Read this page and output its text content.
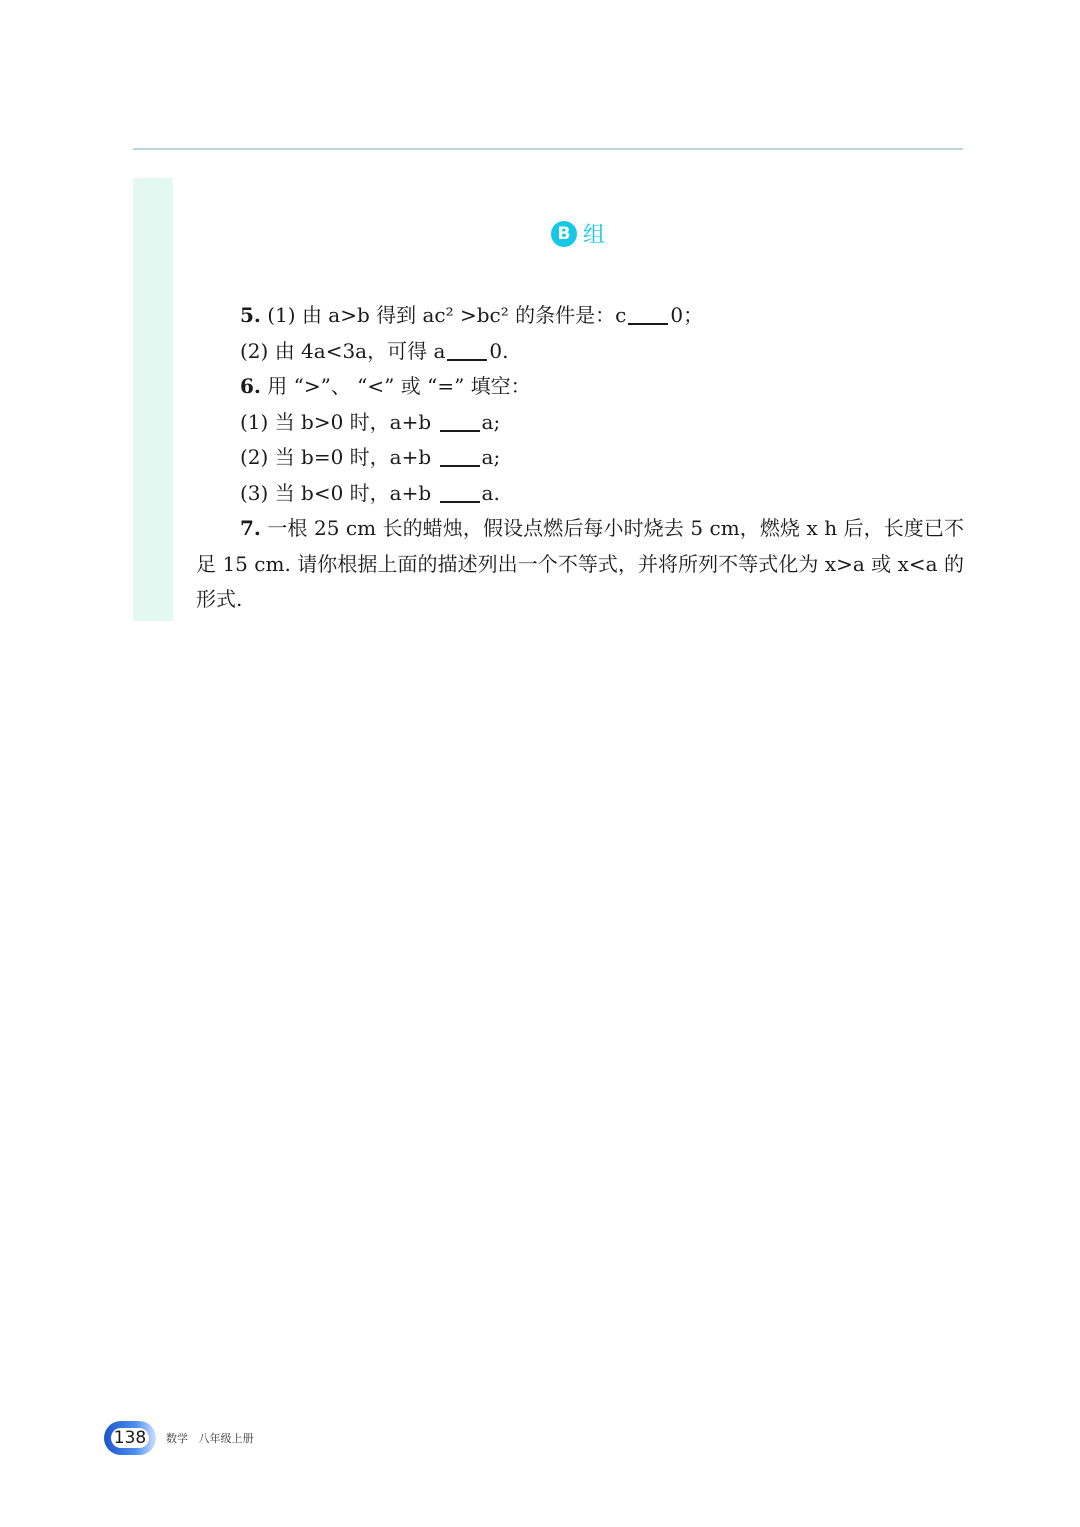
B 组
5. (1) 由 a>b 得到 ac² >bc² 的条件是：c 0；
(2) 由 4a<3a，可得 a 0.
6. 用 “>”、 “<” 或 “=” 填空：
(1) 当 b>0 时，a+b a;
(2) 当 b=0 时，a+b a;
(3) 当 b<0 时，a+b a.
7. 一根 25 cm 长的蜡烛，假设点燃后每小时烧去 5 cm，燃烧 x h 后，长度已不足 15 cm. 请你根据上面的描述列出一个不等式，并将所列不等式化为 x>a 或 x<a 的形式.
138 数学   八年级上册
